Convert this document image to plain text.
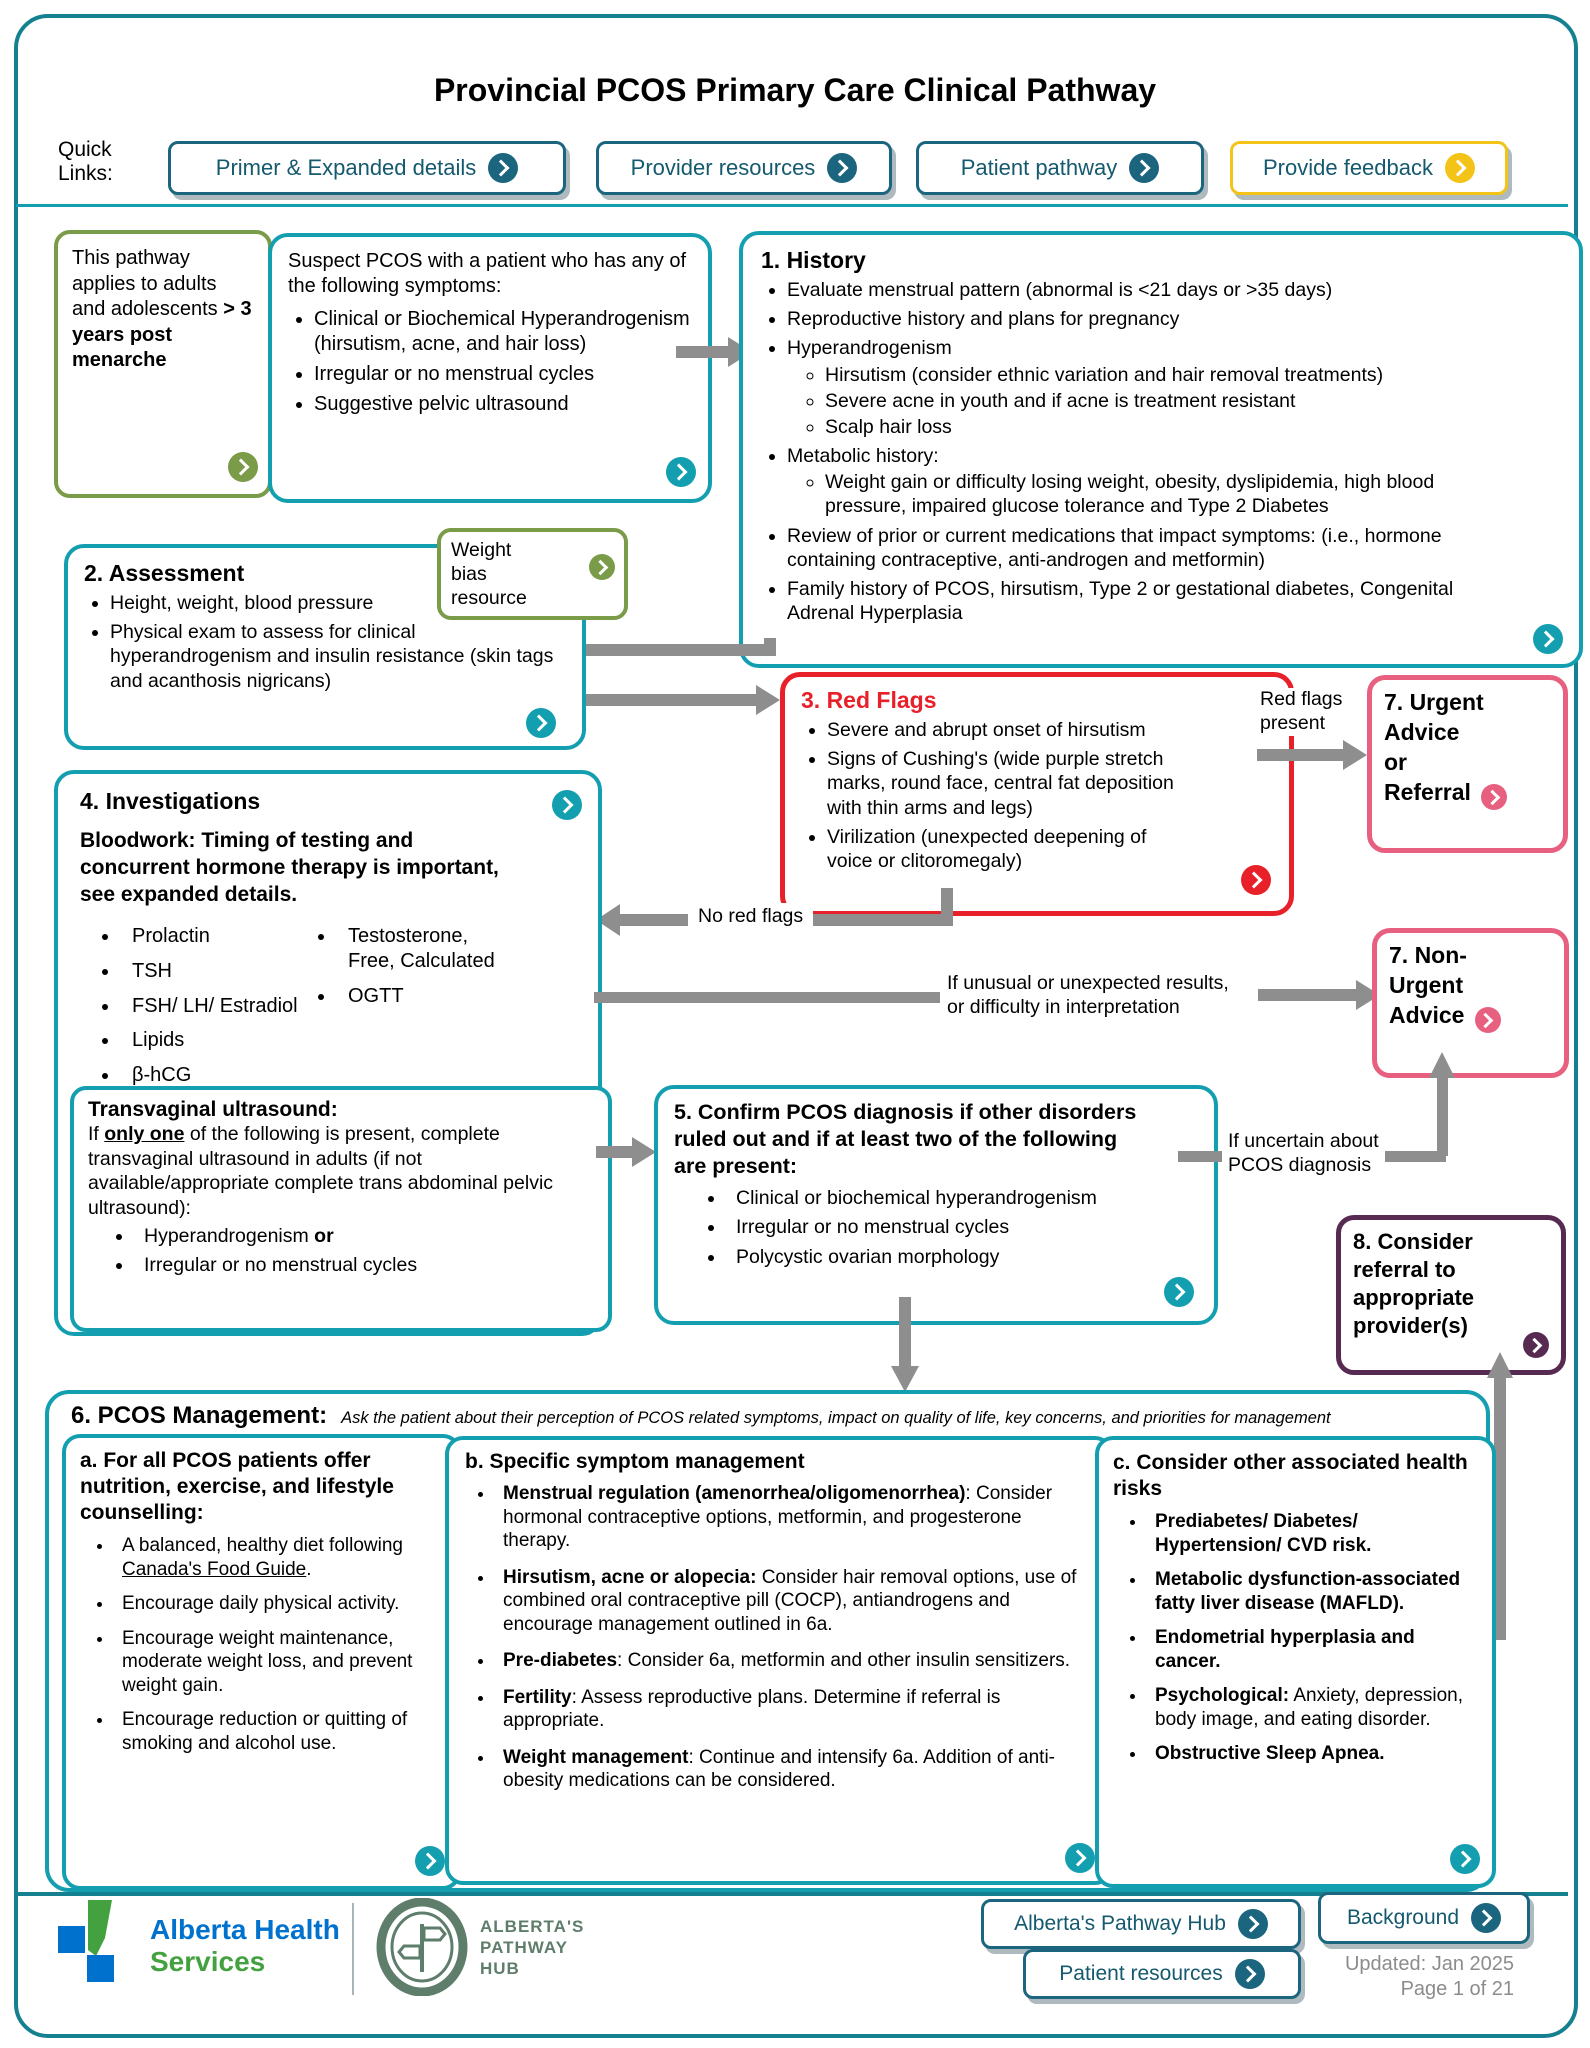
Provincial PCOS Primary Care Clinical Pathway
Quick Links:	Primer & Expanded details	Provider resources	Patient pathway	Provide feedback
This pathway applies to adults and adolescents > 3 years post menarche
Suspect PCOS with a patient who has any of the following symptoms:
• Clinical or Biochemical Hyperandrogenism (hirsutism, acne, and hair loss)
• Irregular or no menstrual cycles
• Suggestive pelvic ultrasound
1. History
• Evaluate menstrual pattern (abnormal is <21 days or >35 days)
• Reproductive history and plans for pregnancy
• Hyperandrogenism
◦ Hirsutism (consider ethnic variation and hair removal treatments)
◦ Severe acne in youth and if acne is treatment resistant
◦ Scalp hair loss
• Metabolic history:
◦ Weight gain or difficulty losing weight, obesity, dyslipidemia, high blood pressure, impaired glucose tolerance and Type 2 Diabetes
• Review of prior or current medications that impact symptoms: (i.e., hormone containing contraceptive, anti-androgen and metformin)
• Family history of PCOS, hirsutism, Type 2 or gestational diabetes, Congenital Adrenal Hyperplasia
Weight bias resource
2. Assessment
• Height, weight, blood pressure
• Physical exam to assess for clinical hyperandrogenism and insulin resistance (skin tags and acanthosis nigricans)
3. Red Flags
• Severe and abrupt onset of hirsutism
• Signs of Cushing's (wide purple stretch marks, round face, central fat deposition with thin arms and legs)
• Virilization (unexpected deepening of voice or clitoromegaly)
Red flags
present
7. Urgent
Advice
or
Referral
No red flags
4. Investigations
Bloodwork: Timing of testing and concurrent hormone therapy is important, see expanded details.
• Prolactin
• TSH
• FSH/ LH/ Estradiol
• Lipids
• β-hCG
• Testosterone, Free, Calculated
• OGTT
Transvaginal ultrasound:
If only one of the following is present, complete transvaginal ultrasound in adults (if not available/appropriate complete trans abdominal pelvic ultrasound):
• Hyperandrogenism or
• Irregular or no menstrual cycles
If unusual or unexpected results,
or difficulty in interpretation
7. Non-
Urgent
Advice
5. Confirm PCOS diagnosis if other disorders ruled out and if at least two of the following are present:
• Clinical or biochemical hyperandrogenism
• Irregular or no menstrual cycles
• Polycystic ovarian morphology
If uncertain about
PCOS diagnosis
8. Consider referral to appropriate provider(s)
6. PCOS Management: Ask the patient about their perception of PCOS related symptoms, impact on quality of life, key concerns, and priorities for management
a. For all PCOS patients offer nutrition, exercise, and lifestyle counselling:
• A balanced, healthy diet following Canada's Food Guide.
• Encourage daily physical activity.
• Encourage weight maintenance, moderate weight loss, and prevent weight gain.
• Encourage reduction or quitting of smoking and alcohol use.
b. Specific symptom management
• Menstrual regulation (amenorrhea/oligomenorrhea): Consider hormonal contraceptive options, metformin, and progesterone therapy.
• Hirsutism, acne or alopecia: Consider hair removal options, use of combined oral contraceptive pill (COCP), antiandrogens and encourage management outlined in 6a.
• Pre-diabetes: Consider 6a, metformin and other insulin sensitizers.
• Fertility: Assess reproductive plans. Determine if referral is appropriate.
• Weight management: Continue and intensify 6a. Addition of anti-obesity medications can be considered.
c. Consider other associated health risks
• Prediabetes/ Diabetes/ Hypertension/ CVD risk.
• Metabolic dysfunction-associated fatty liver disease (MAFLD).
• Endometrial hyperplasia and cancer.
• Psychological: Anxiety, depression, body image, and eating disorder.
• Obstructive Sleep Apnea.
Alberta Health
Services
ALBERTA'S
PATHWAY
HUB
Alberta's Pathway Hub	Background
Patient resources	Updated: Jan 2025
Page 1 of 21
